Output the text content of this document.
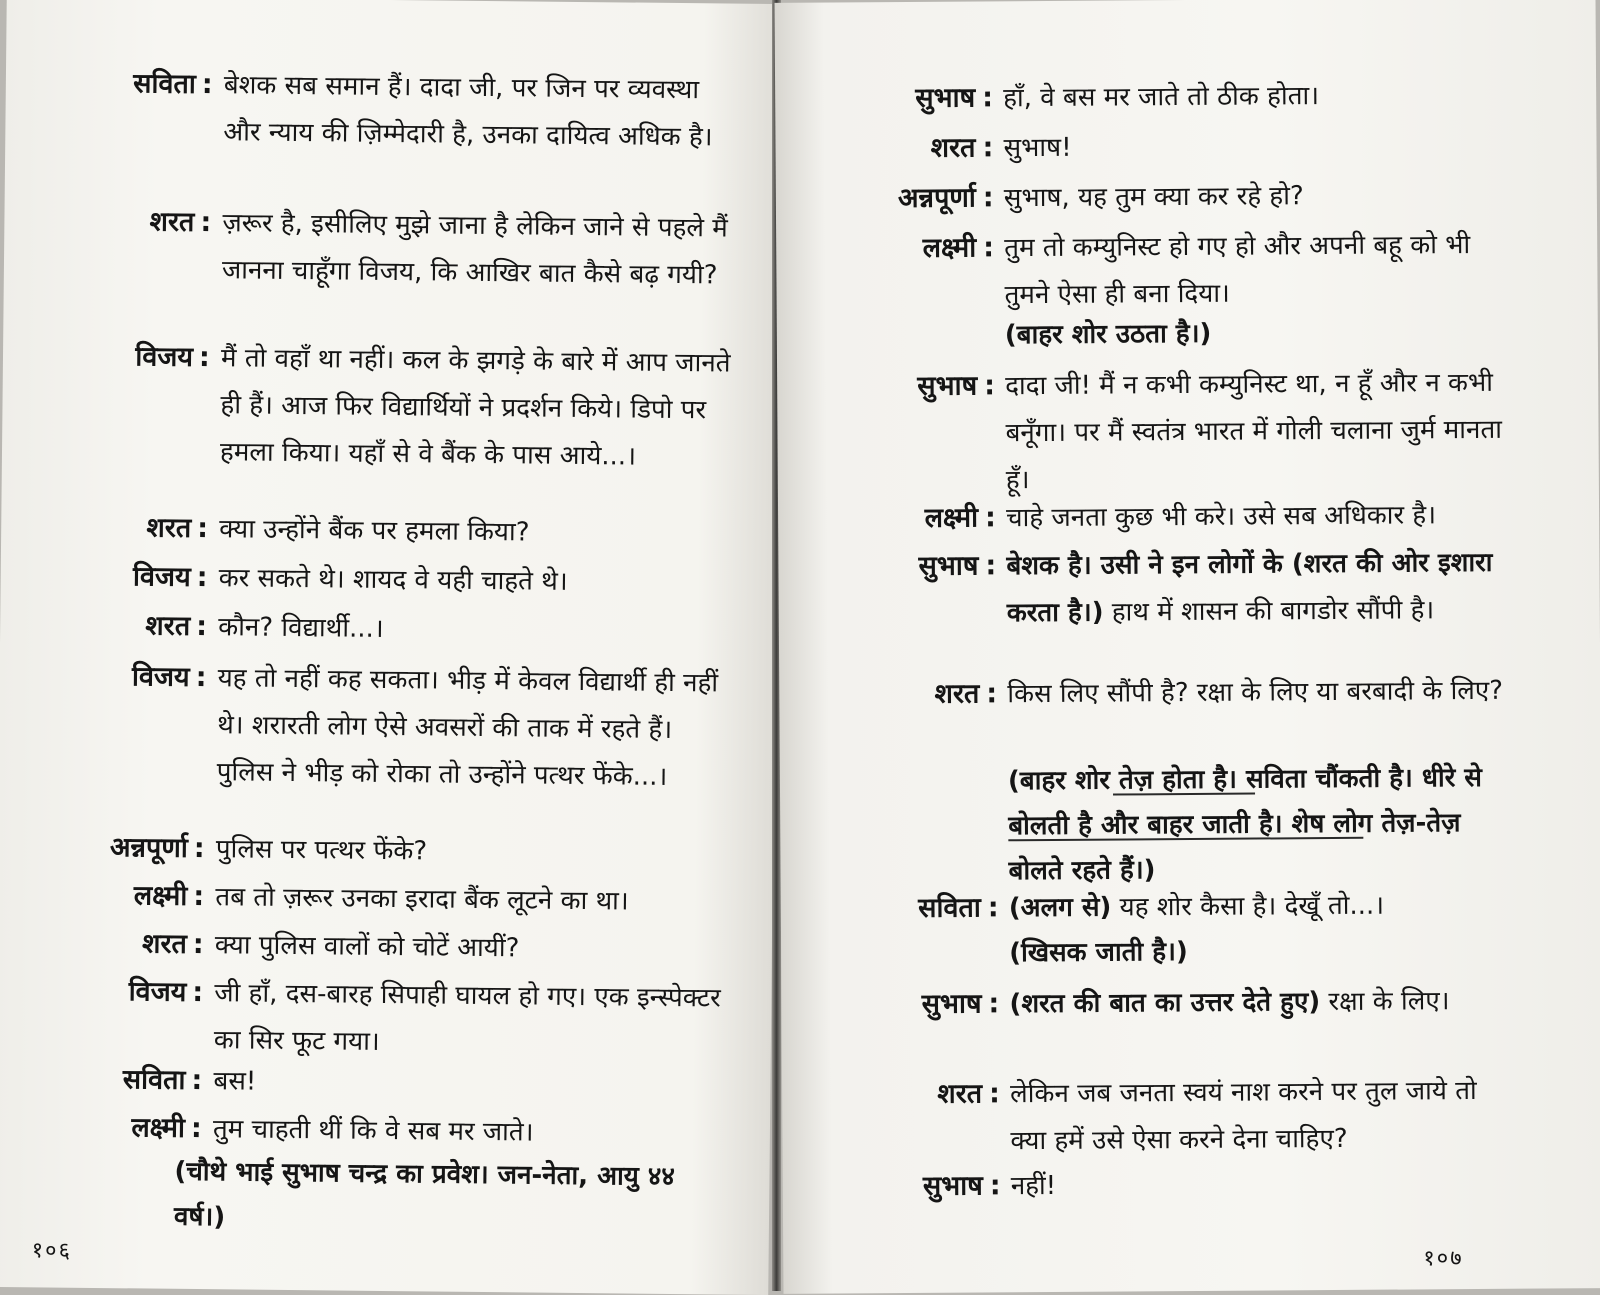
सविता : बेशक सब समान हैं। दादा जी, पर जिन पर व्यवस्था और न्याय की ज़िम्मेदारी है, उनका दायित्व अधिक है।
शरत : ज़रूर है, इसीलिए मुझे जाना है लेकिन जाने से पहले मैं जानना चाहूँगा विजय, कि आखिर बात कैसे बढ़ गयी?
विजय : मैं तो वहाँ था नहीं। कल के झगड़े के बारे में आप जानते ही हैं। आज फिर विद्यार्थियों ने प्रदर्शन किये। डिपो पर हमला किया। यहाँ से वे बैंक के पास आये...।
शरत : क्या उन्होंने बैंक पर हमला किया?
विजय : कर सकते थे। शायद वे यही चाहते थे।
शरत : कौन? विद्यार्थी...।
विजय : यह तो नहीं कह सकता। भीड़ में केवल विद्यार्थी ही नहीं थे। शरारती लोग ऐसे अवसरों की ताक में रहते हैं। पुलिस ने भीड़ को रोका तो उन्होंने पत्थर फेंके...।
अन्नपूर्णा : पुलिस पर पत्थर फेंके?
लक्ष्मी : तब तो ज़रूर उनका इरादा बैंक लूटने का था।
शरत : क्या पुलिस वालों को चोटें आयीं?
विजय : जी हाँ, दस-बारह सिपाही घायल हो गए। एक इन्स्पेक्टर का सिर फूट गया।
सविता : बस!
लक्ष्मी : तुम चाहती थीं कि वे सब मर जाते।
(चौथे भाई सुभाष चन्द्र का प्रवेश। जन-नेता, आयु ४४ वर्ष।)
१०६
सुभाष : हाँ, वे बस मर जाते तो ठीक होता।
शरत : सुभाष!
अन्नपूर्णा : सुभाष, यह तुम क्या कर रहे हो?
लक्ष्मी : तुम तो कम्युनिस्ट हो गए हो और अपनी बहू को भी तुमने ऐसा ही बना दिया।
(बाहर शोर उठता है।)
सुभाष : दादा जी! मैं न कभी कम्युनिस्ट था, न हूँ और न कभी बनूँगा। पर मैं स्वतंत्र भारत में गोली चलाना जुर्म मानता हूँ।
लक्ष्मी : चाहे जनता कुछ भी करे। उसे सब अधिकार है।
सुभाष : बेशक है। उसी ने इन लोगों के (शरत की ओर इशारा करता है।) हाथ में शासन की बागडोर सौंपी है।
शरत : किस लिए सौंपी है? रक्षा के लिए या बरबादी के लिए?
(बाहर शोर तेज़ होता है। सविता चौंकती है। धीरे से बोलती है और बाहर जाती है। शेष लोग तेज़-तेज़ बोलते रहते हैं।)
सविता : (अलग से) यह शोर कैसा है। देखूँ तो...।
(खिसक जाती है।)
सुभाष : (शरत की बात का उत्तर देते हुए) रक्षा के लिए।
शरत : लेकिन जब जनता स्वयं नाश करने पर तुल जाये तो क्या हमें उसे ऐसा करने देना चाहिए?
सुभाष : नहीं!
१०७
